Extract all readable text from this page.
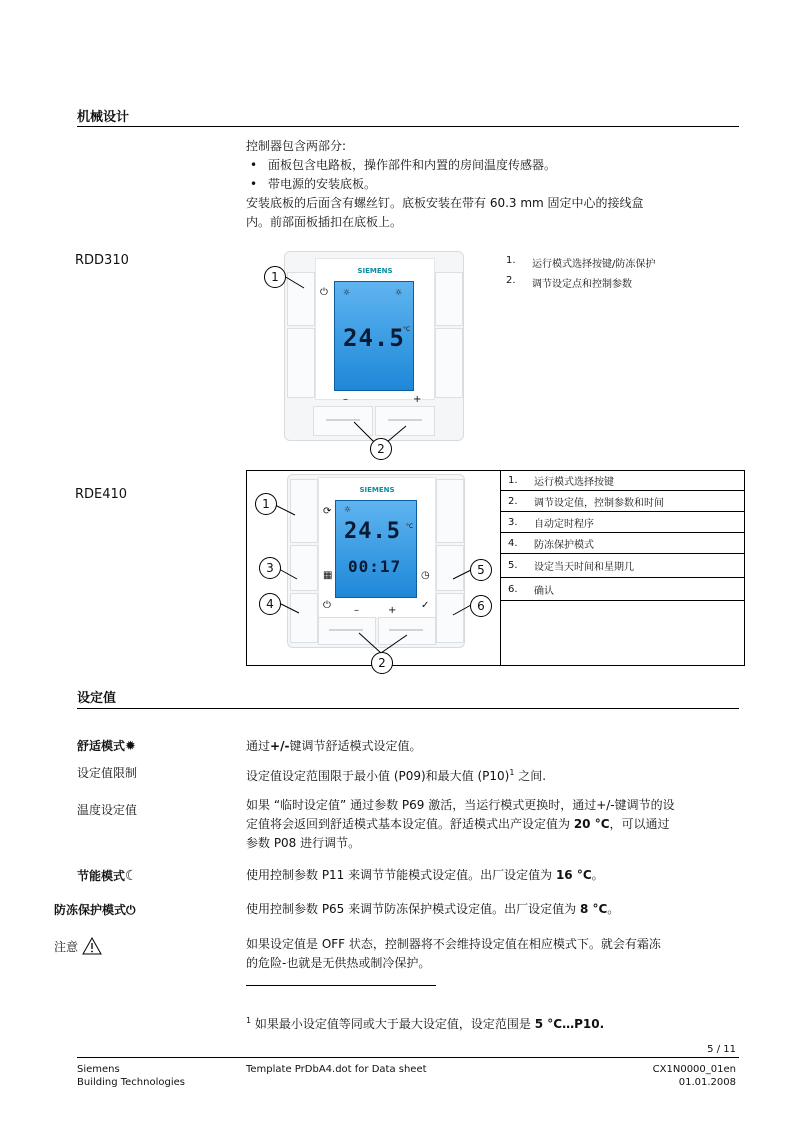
机械设计
控制器包含两部分:
• 面板包含电路板，操作部件和内置的房间温度传感器。
• 带电源的安装底板。
安装底板的后面含有螺丝钉。底板安装在带有 60.3 mm 固定中心的接线盒
内。前部面板插扣在底板上。
RDD310
SIEMENS
☼	☼
24.5
°C
⏻
–	+
1
2
1.	运行模式选择按键/防冻保护
2.	调节设定点和控制参数
RDE410	SIEMENS
☼
24.5 °C
00:17
⟳
▦
⏻
◷
✓
–	+
1
2
3
4
5
6
1.	运行模式选择按键
2.	调节设定值，控制参数和时间
3.	自动定时程序
4.	防冻保护模式
5.	设定当天时间和星期几
6.	确认
设定值
舒适模式✹	通过+/-键调节舒适模式设定值。
设定值限制	设定值设定范围限于最小值 (P09)和最大值 $(P10)^1$ 之间.
温度设定值	如果 “临时设定值” 通过参数 P69 激活，当运行模式更换时，通过+/-键调节的设
定值将会返回到舒适模式基本设定值。舒适模式出产设定值为 20 °C，可以通过
参数 P08 进行调节。
节能模式☾	使用控制参数 P11 来调节节能模式设定值。出厂设定值为 16 °C。
防冻保护模式⏻	使用控制参数 P65 来调节防冻保护模式设定值。出厂设定值为 8 °C。
注意	如果设定值是 OFF 状态，控制器将不会维持设定值在相应模式下。就会有霜冻
的危险-也就是无供热或制冷保护。
$^1$ 如果最小设定值等同或大于最大设定值，设定范围是 5 °C…P10.
5 / 11
Siemens
Building Technologies
Template PrDbA4.dot for Data sheet	CX1N0000_01en
01.01.2008
